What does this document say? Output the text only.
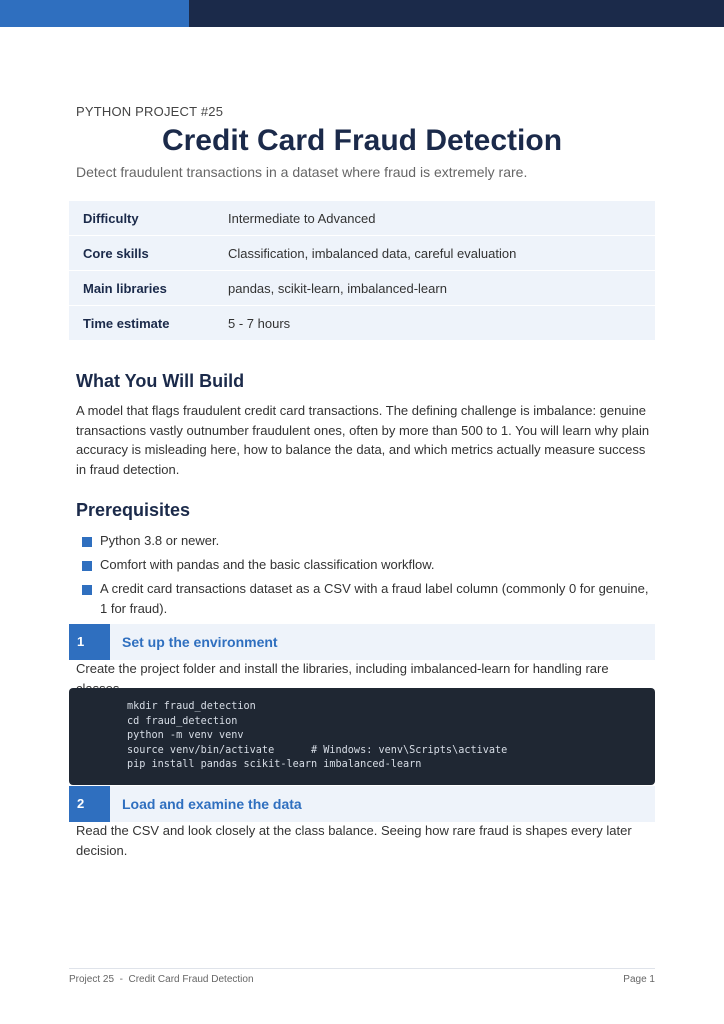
PYTHON PROJECT #25
Credit Card Fraud Detection
Detect fraudulent transactions in a dataset where fraud is extremely rare.
Difficulty	Intermediate to Advanced
Core skills	Classification, imbalanced data, careful evaluation
Main libraries	pandas, scikit-learn, imbalanced-learn
Time estimate	5 - 7 hours
What You Will Build
A model that flags fraudulent credit card transactions. The defining challenge is imbalance: genuine transactions vastly outnumber fraudulent ones, often by more than 500 to 1. You will learn why plain accuracy is misleading here, how to balance the data, and which metrics actually measure success in fraud detection.
Prerequisites
Python 3.8 or newer.
Comfort with pandas and the basic classification workflow.
A credit card transactions dataset as a CSV with a fraud label column (commonly 0 for genuine, 1 for fraud).
1	Set up the environment
Create the project folder and install the libraries, including imbalanced-learn for handling rare
mkdir fraud_detection
cd fraud_detection
python -m venv venv
source venv/bin/activate      # Windows: venv\Scripts\activate
pip install pandas scikit-learn imbalanced-learn
2	Load and examine the data
Read the CSV and look closely at the class balance. Seeing how rare fraud is shapes every later decision.
Project 25  -  Credit Card Fraud Detection	Page 1
